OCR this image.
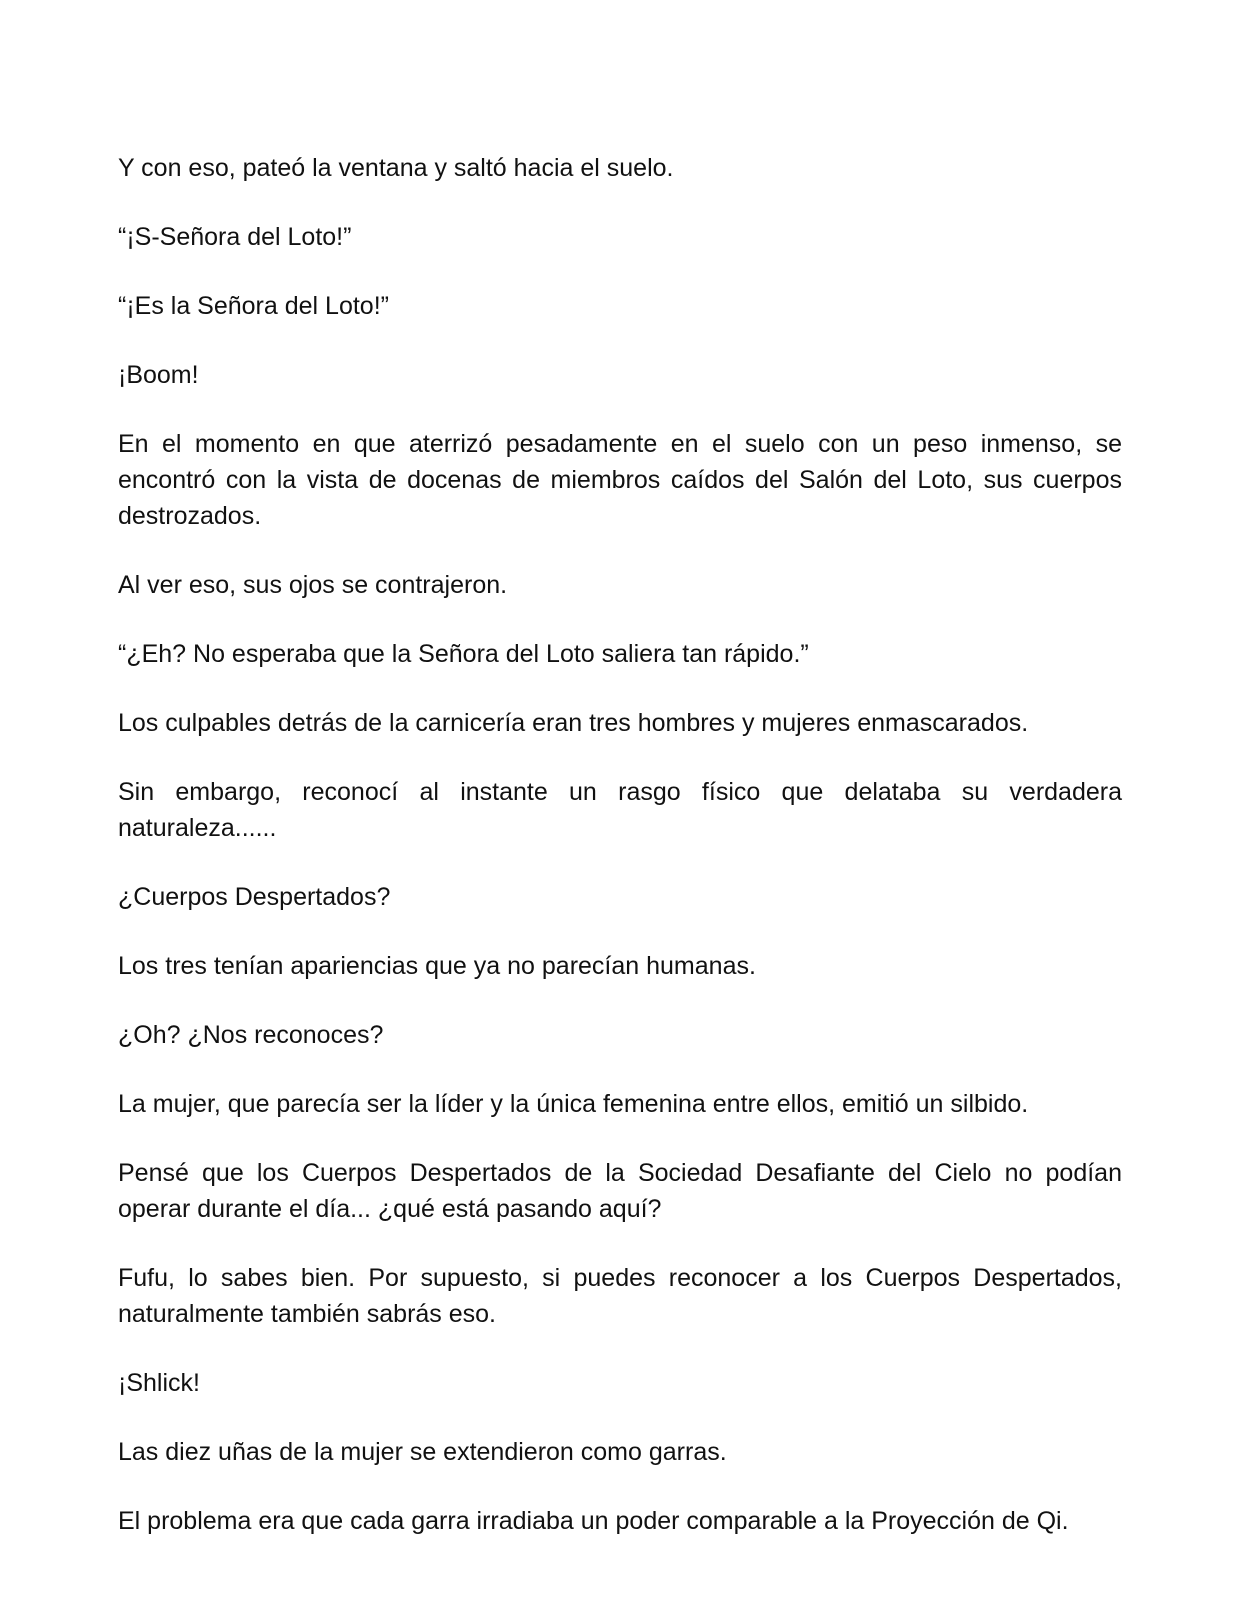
Y con eso, pateó la ventana y saltó hacia el suelo.

“¡S-Señora del Loto!”

“¡Es la Señora del Loto!”

¡Boom!

En el momento en que aterrizó pesadamente en el suelo con un peso inmenso, se encontró con la vista de docenas de miembros caídos del Salón del Loto, sus cuerpos destrozados.

Al ver eso, sus ojos se contrajeron.

“¿Eh? No esperaba que la Señora del Loto saliera tan rápido.”

Los culpables detrás de la carnicería eran tres hombres y mujeres enmascarados.

Sin embargo, reconocí al instante un rasgo físico que delataba su verdadera naturaleza......

¿Cuerpos Despertados?

Los tres tenían apariencias que ya no parecían humanas.

¿Oh? ¿Nos reconoces?

La mujer, que parecía ser la líder y la única femenina entre ellos, emitió un silbido.

Pensé que los Cuerpos Despertados de la Sociedad Desafiante del Cielo no podían operar durante el día... ¿qué está pasando aquí?

Fufu, lo sabes bien. Por supuesto, si puedes reconocer a los Cuerpos Despertados, naturalmente también sabrás eso.

¡Shlick!

Las diez uñas de la mujer se extendieron como garras.

El problema era que cada garra irradiaba un poder comparable a la Proyección de Qi.
